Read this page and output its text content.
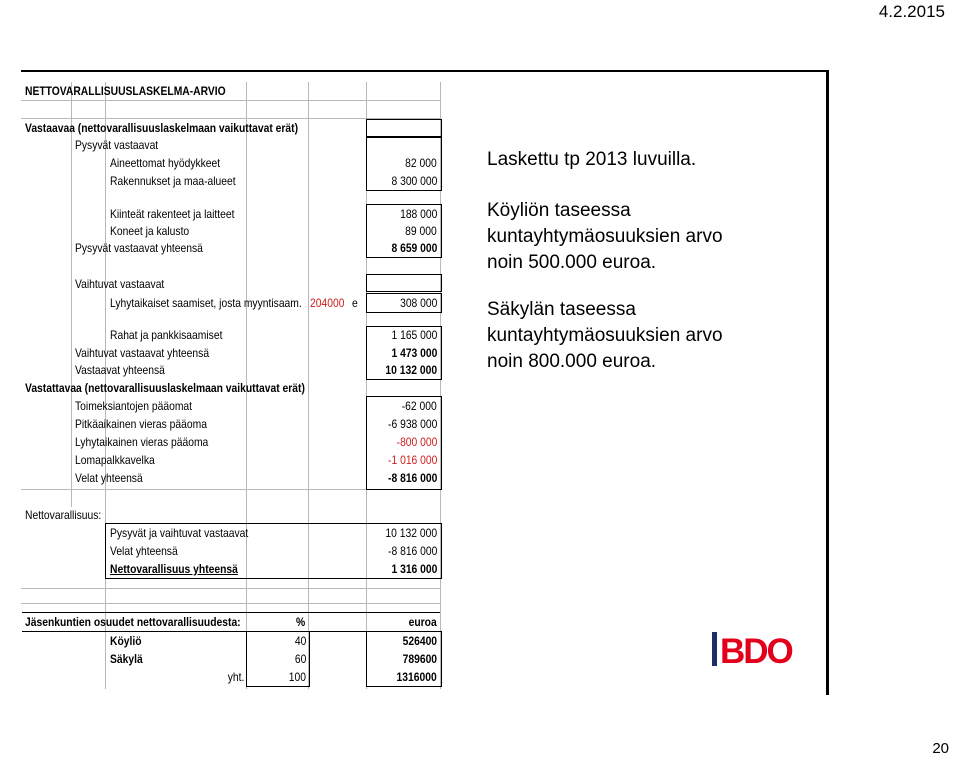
4.2.2015
NETTOVARALLISUUSLASKELMA-ARVIO
Vastaavaa (nettovarallisuuslaskelmaan vaikuttavat erät)
Pysyvät vastaavat
Aineettomat hyödykkeet	82 000
Rakennukset ja maa-alueet	8 300 000
Kiinteät rakenteet ja laitteet	188 000
Koneet ja kalusto	89 000
Pysyvät vastaavat yhteensä	8 659 000
Vaihtuvat vastaavat
Lyhytaikaiset saamiset, josta myyntisaam. 204000 e	308 000
Rahat ja pankkisaamiset	1 165 000
Vaihtuvat vastaavat yhteensä	1 473 000
Vastaavat yhteensä	10 132 000
Vastattavaa (nettovarallisuuslaskelmaan vaikuttavat erät)
Toimeksiantojen pääomat	-62 000
Pitkäaikainen vieras pääoma	-6 938 000
Lyhytaikainen vieras pääoma	-800 000
Lomapalkkavelka	-1 016 000
Velat yhteensä	-8 816 000
Nettovarallisuus:
Pysyvät ja vaihtuvat vastaavat	10 132 000
Velat yhteensä	-8 816 000
Nettovarallisuus yhteensä	1 316 000
Jäsenkuntien osuudet nettovarallisuudesta:	%	euroa
Köyliö	40	526400
Säkylä	60	789600
yht.	100	1316000
Laskettu tp 2013 luvuilla.
Köyliön taseessa
kuntayhtymäosuuksien arvo
noin 500.000 euroa.
Säkylän taseessa
kuntayhtymäosuuksien arvo
noin 800.000 euroa.
BDO
20
